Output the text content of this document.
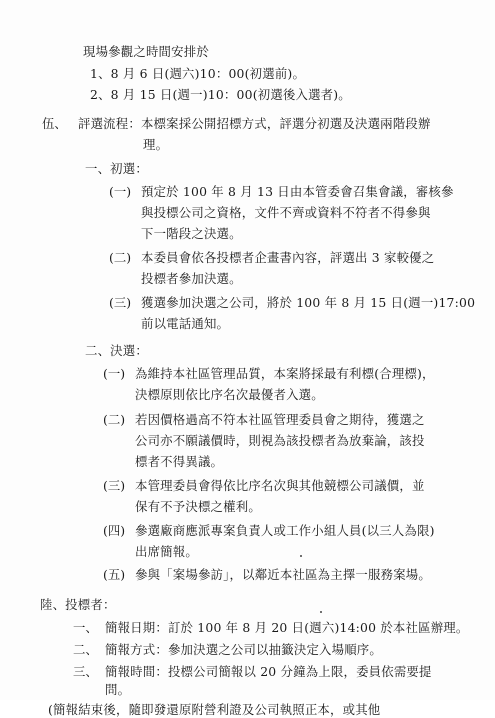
現場參觀之時間安排於
1、8 月 6 日(週六)10：00(初選前)。
2、8 月 15 日(週一)10：00(初選後入選者)。
伍、 評選流程：本標案採公開招標方式，評選分初選及決選兩階段辦
理。
一、初選：
(一) 預定於 100 年 8 月 13 日由本管委會召集會議，審核參
與投標公司之資格，文件不齊或資料不符者不得參與
下一階段之決選。
(二) 本委員會依各投標者企畫書內容，評選出 3 家較優之
投標者參加決選。
(三) 獲選參加決選之公司，將於 100 年 8 月 15 日(週一)17:00
前以電話通知。
二、決選：
(一) 為維持本社區管理品質，本案將採最有利標(合理標)，
決標原則依比序名次最優者入選。
(二) 若因價格過高不符本社區管理委員會之期待，獲選之
公司亦不願議價時，則視為該投標者為放棄論，該投
標者不得異議。
(三) 本管理委員會得依比序名次與其他競標公司議價，並
保有不予決標之權利。
(四) 參選廠商應派專案負責人或工作小組人員(以三人為限)
出席簡報。
(五) 參與「案場參訪」，以鄰近本社區為主擇一服務案場。
陸、投標者：
一、 簡報日期：訂於 100 年 8 月 20 日(週六)14:00 於本社區辦理。
二、 簡報方式：參加決選之公司以抽籤決定入場順序。
三、 簡報時間：投標公司簡報以 20 分鐘為上限，委員依需要提
問。
(簡報結束後，隨即發還原附營利證及公司執照正本，或其他
